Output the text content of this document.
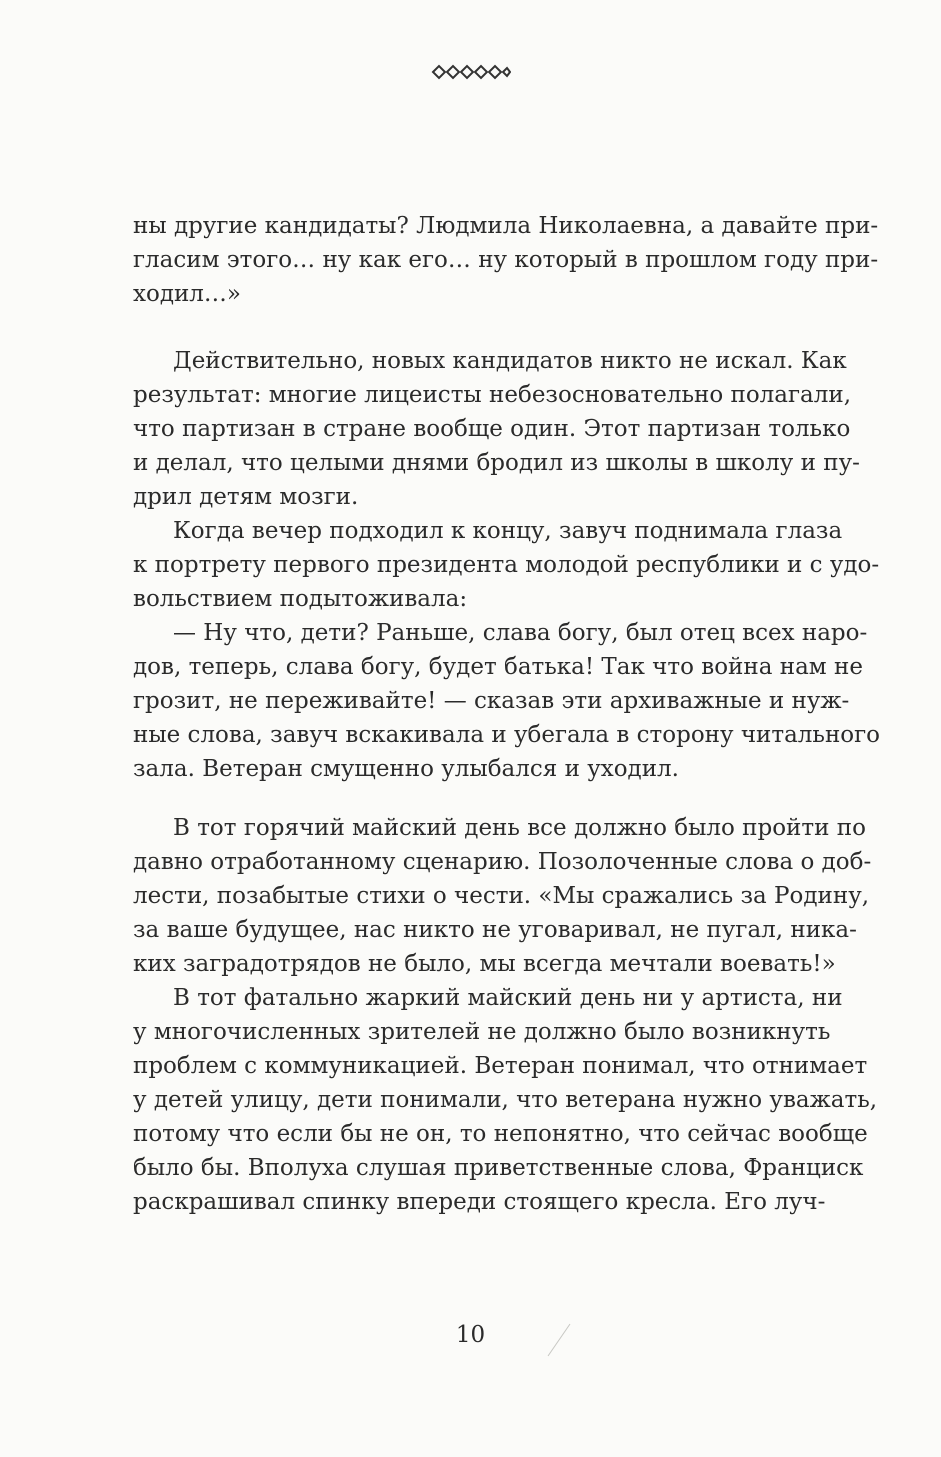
ны другие кандидаты? Людмила Николаевна, а давайте при-
гласим этого… ну как его… ну который в прошлом году при-
ходил…»
Действительно, новых кандидатов никто не искал. Как
результат: многие лицеисты небезосновательно полагали,
что партизан в стране вообще один. Этот партизан только
и делал, что целыми днями бродил из школы в школу и пу-
дрил детям мозги.
Когда вечер подходил к концу, завуч поднимала глаза
к портрету первого президента молодой республики и с удо-
вольствием подытоживала:
— Ну что, дети? Раньше, слава богу, был отец всех наро-
дов, теперь, слава богу, будет батька! Так что война нам не
грозит, не переживайте! — сказав эти архиважные и нуж-
ные слова, завуч вскакивала и убегала в сторону читального
зала. Ветеран смущенно улыбался и уходил.
В тот горячий майский день все должно было пройти по
давно отработанному сценарию. Позолоченные слова о доб-
лести, позабытые стихи о чести. «Мы сражались за Родину,
за ваше будущее, нас никто не уговаривал, не пугал, ника-
ких заградотрядов не было, мы всегда мечтали воевать!»
В тот фатально жаркий майский день ни у артиста, ни
у многочисленных зрителей не должно было возникнуть
проблем с коммуникацией. Ветеран понимал, что отнимает
у детей улицу, дети понимали, что ветерана нужно уважать,
потому что если бы не он, то непонятно, что сейчас вообще
было бы. Вполуха слушая приветственные слова, Франциск
раскрашивал спинку впереди стоящего кресла. Его луч-
10
